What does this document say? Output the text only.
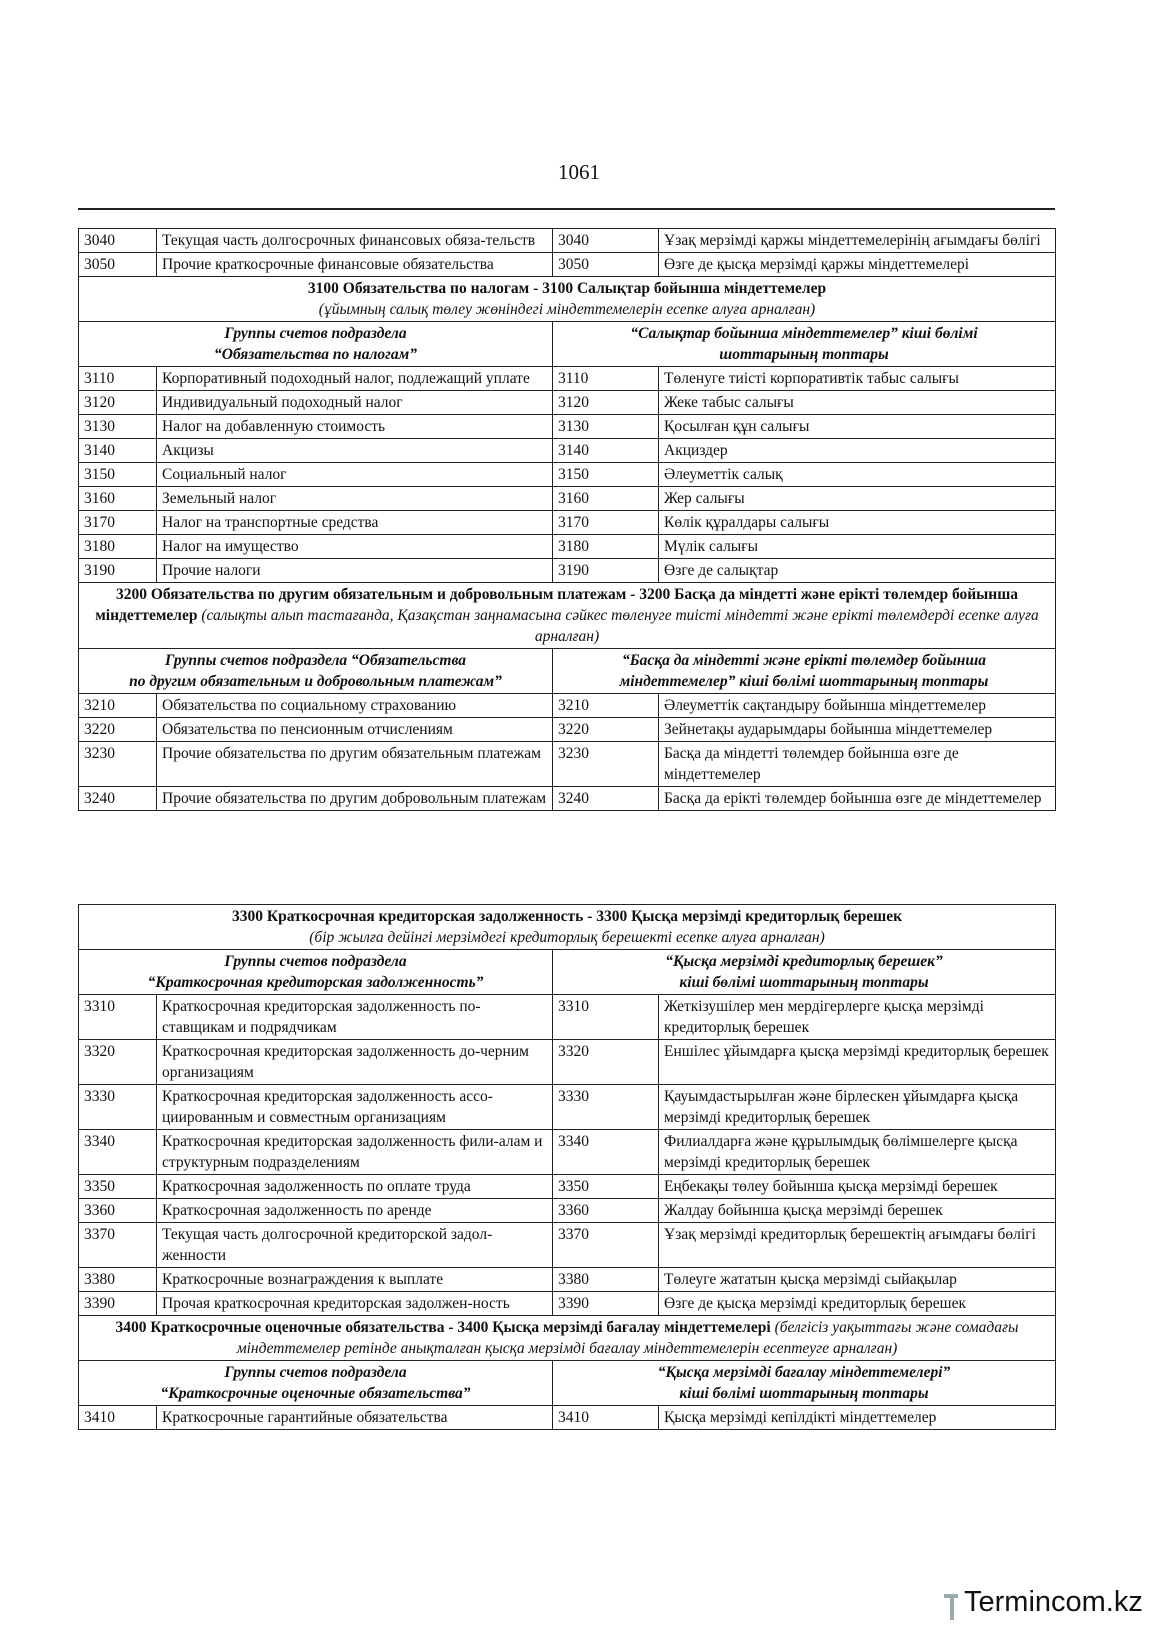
1061
3040	Текущая часть долгосрочных финансовых обяза-тельств	3040	Ұзақ мерзімді қаржы міндеттемелерінің ағымдағы бөлігі
3050	Прочие краткосрочные финансовые обязательства	3050	Өзге де қысқа мерзімді қаржы міндеттемелері
3100 Обязательства по налогам - 3100 Салықтар бойынша міндеттемелер
(ұйымның салық төлеу жөніндегі міндеттемелерін есепке алуға арналған)			
Группы счетов подраздела
“Обязательства по налогам”		“Салықтар бойынша міндеттемелер” кіші бөлімі
шоттарының топтары	
3110	Корпоративный подоходный налог, подлежащий уплате	3110	Төленуге тиісті корпоративтік табыс салығы
3120	Индивидуальный подоходный налог	3120	Жеке табыс салығы
3130	Налог на добавленную стоимость	3130	Қосылған құн салығы
3140	Акцизы	3140	Акциздер
3150	Социальный налог	3150	Әлеуметтік салық
3160	Земельный налог	3160	Жер салығы
3170	Налог на транспортные средства	3170	Көлік құралдары салығы
3180	Налог на имущество	3180	Мүлік салығы
3190	Прочие налоги	3190	Өзге де салықтар
3200 Обязательства по другим обязательным и добровольным платежам - 3200 Басқа да міндетті және ерікті төлемдер бойынша міндеттемелер (салықты алып тастағанда, Қазақстан заңнамасына сәйкес төленуге тиісті міндетті және ерікті төлемдерді есепке алуға арналған)			
Группы счетов подраздела “Обязательства
по другим обязательным и добровольным платежам”		“Басқа да міндетті және ерікті төлемдер бойынша
міндеттемелер” кіші бөлімі шоттарының топтары	
3210	Обязательства по социальному страхованию	3210	Әлеуметтік сақтандыру бойынша міндеттемелер
3220	Обязательства по пенсионным отчислениям	3220	Зейнетақы аударымдары бойынша міндеттемелер
3230	Прочие обязательства по другим обязательным платежам	3230	Басқа да міндетті төлемдер бойынша өзге де міндеттемелер
3240	Прочие обязательства по другим добровольным платежам	3240	Басқа да ерікті төлемдер бойынша өзге де міндеттемелер
3300 Краткосрочная кредиторская задолженность - 3300 Қысқа мерзімді кредиторлық берешек
(бір жылға дейінгі мерзімдегі кредиторлық берешекті есепке алуға арналған)			
Группы счетов подраздела
“Краткосрочная кредиторская задолженность”		“Қысқа мерзімді кредиторлық берешек”
кіші бөлімі шоттарының топтары	
3310	Краткосрочная кредиторская задолженность по-ставщикам и подрядчикам	3310	Жеткізушілер мен мердігерлерге қысқа мерзімді кредиторлық берешек
3320	Краткосрочная кредиторская задолженность до-черним организациям	3320	Еншілес ұйымдарға қысқа мерзімді кредиторлық берешек
3330	Краткосрочная кредиторская задолженность ассо-циированным и совместным организациям	3330	Қауымдастырылған және бірлескен ұйымдарға қысқа мерзімді кредиторлық берешек
3340	Краткосрочная кредиторская задолженность фили-алам и структурным подразделениям	3340	Филиалдарға және құрылымдық бөлімшелерге қысқа мерзімді кредиторлық берешек
3350	Краткосрочная задолженность по оплате труда	3350	Еңбекақы төлеу бойынша қысқа мерзімді берешек
3360	Краткосрочная задолженность по аренде	3360	Жалдау бойынша қысқа мерзімді берешек
3370	Текущая часть долгосрочной кредиторской задол-женности	3370	Ұзақ мерзімді кредиторлық берешектің ағымдағы бөлігі
3380	Краткосрочные вознаграждения к выплате	3380	Төлеуге жататын қысқа мерзімді сыйақылар
3390	Прочая краткосрочная кредиторская задолжен-ность	3390	Өзге де қысқа мерзімді кредиторлық берешек
3400 Краткосрочные оценочные обязательства - 3400 Қысқа мерзімді бағалау міндеттемелері (белгісіз уақыттағы және сомадағы міндеттемелер ретінде анықталған қысқа мерзімді бағалау міндеттемелерін есептеуге арналған)			
Группы счетов подраздела
“Краткосрочные оценочные обязательства”		“Қысқа мерзімді бағалау міндеттемелері”
кіші бөлімі шоттарының топтары	
3410	Краткосрочные гарантийные обязательства	3410	Қысқа мерзімді кепілдікті міндеттемелер
Termincom.kz
